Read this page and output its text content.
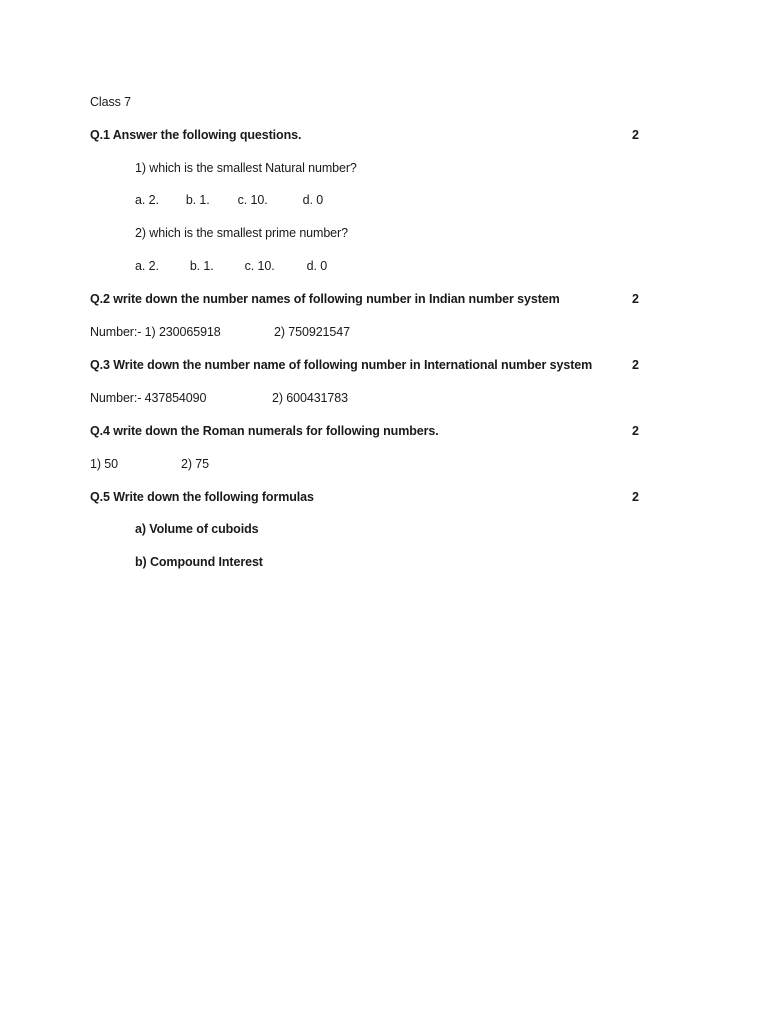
Class 7
Q.1 Answer the following questions.	2
1) which is the smallest Natural number?
a. 2. b. 1. c. 10.	d. 0
2) which is the smallest prime number?
a. 2. b. 1. c. 10.	d. 0
Q.2 write down the number names of following number in Indian number system	2
Number:- 1) 230065918	2) 750921547
Q.3 Write down the number name of following number in International number system	2
Number:- 437854090	2) 600431783
Q.4 write down the Roman numerals for following numbers.	2
1) 50	2) 75
Q.5 Write down the following formulas	2
a) Volume of cuboids
b) Compound Interest
